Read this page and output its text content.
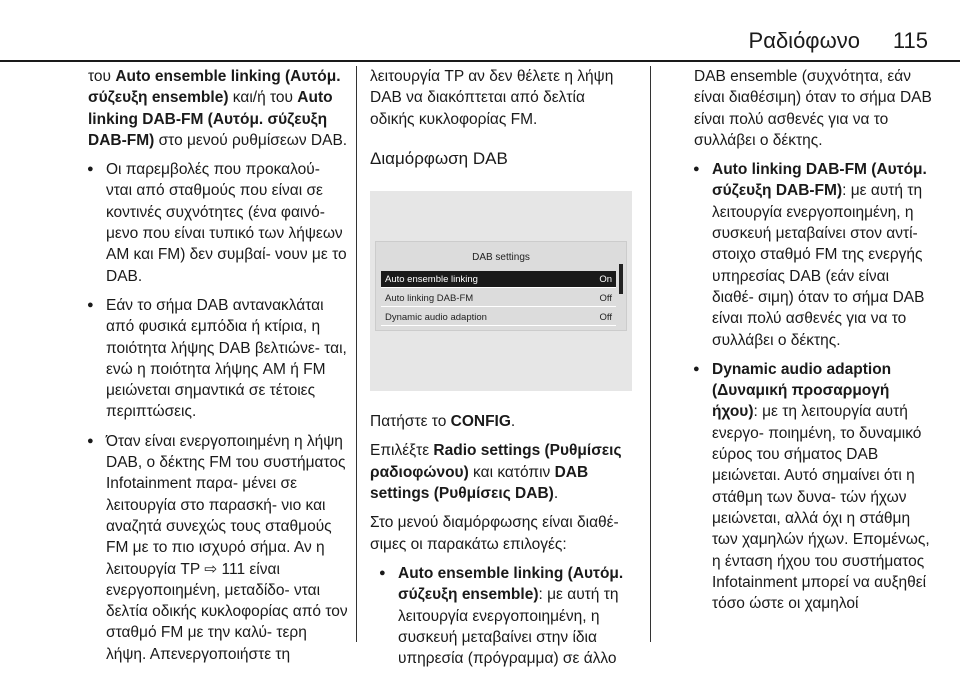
Ραδιόφωνο 115

του Auto ensemble linking (Αυτόμ. σύζευξη ensemble) και/ή του Auto linking DAB-FM (Αυτόμ. σύζευξη DAB-FM) στο μενού ρυθμίσεων DAB.

● Οι παρεμβολές που προκαλού- νται από σταθμούς που είναι σε κοντινές συχνότητες (ένα φαινό- μενο που είναι τυπικό των λήψεων AM και FM) δεν συμβαί- νουν με το DAB.
● Εάν το σήμα DAB αντανακλάται από φυσικά εμπόδια ή κτίρια, η ποιότητα λήψης DAB βελτιώνε- ται, ενώ η ποιότητα λήψης AM ή FM μειώνεται σημαντικά σε τέτοιες περιπτώσεις.
● Όταν είναι ενεργοποιημένη η λήψη DAB, ο δέκτης FM του συστήματος Infotainment παρα- μένει σε λειτουργία στο παρασκή- νιο και αναζητά συνεχώς τους σταθμούς FM με το πιο ισχυρό σήμα. Αν η λειτουργία TP ⇨ 111 είναι ενεργοποιημένη, μεταδίδο- νται δελτία οδικής κυκλοφορίας από τον σταθμό FM με την καλύ- τερη λήψη. Απενεργοποιήστε τη

λειτουργία TP αν δεν θέλετε η λήψη DAB να διακόπτεται από δελτία οδικής κυκλοφορίας FM.

Διαμόρφωση DAB
DAB settings
Auto ensemble linking	On
Auto linking DAB-FM	Off
Dynamic audio adaption	Off

Πατήστε το CONFIG.

Επιλέξτε Radio settings (Ρυθμίσεις ραδιοφώνου) και κατόπιν DAB settings (Ρυθμίσεις DAB).

Στο μενού διαμόρφωσης είναι διαθέ- σιμες οι παρακάτω επιλογές:

● Auto ensemble linking (Αυτόμ. σύζευξη ensemble): με αυτή τη λειτουργία ενεργοποιημένη, η συσκευή μεταβαίνει στην ίδια υπηρεσία (πρόγραμμα) σε άλλο

DAB ensemble (συχνότητα, εάν είναι διαθέσιμη) όταν το σήμα DAB είναι πολύ ασθενές για να το συλλάβει ο δέκτης.

● Auto linking DAB-FM (Αυτόμ. σύζευξη DAB-FM): με αυτή τη λειτουργία ενεργοποιημένη, η συσκευή μεταβαίνει στον αντί- στοιχο σταθμό FM της ενεργής υπηρεσίας DAB (εάν είναι διαθέ- σιμη) όταν το σήμα DAB είναι πολύ ασθενές για να το συλλάβει ο δέκτης.
● Dynamic audio adaption (Δυναμική προσαρμογή ήχου): με τη λειτουργία αυτή ενεργο- ποιημένη, το δυναμικό εύρος του σήματος DAB μειώνεται. Αυτό σημαίνει ότι η στάθμη των δυνα- τών ήχων μειώνεται, αλλά όχι η στάθμη των χαμηλών ήχων. Επομένως, η ένταση ήχου του συστήματος Infotainment μπορεί να αυξηθεί τόσο ώστε οι χαμηλοί
